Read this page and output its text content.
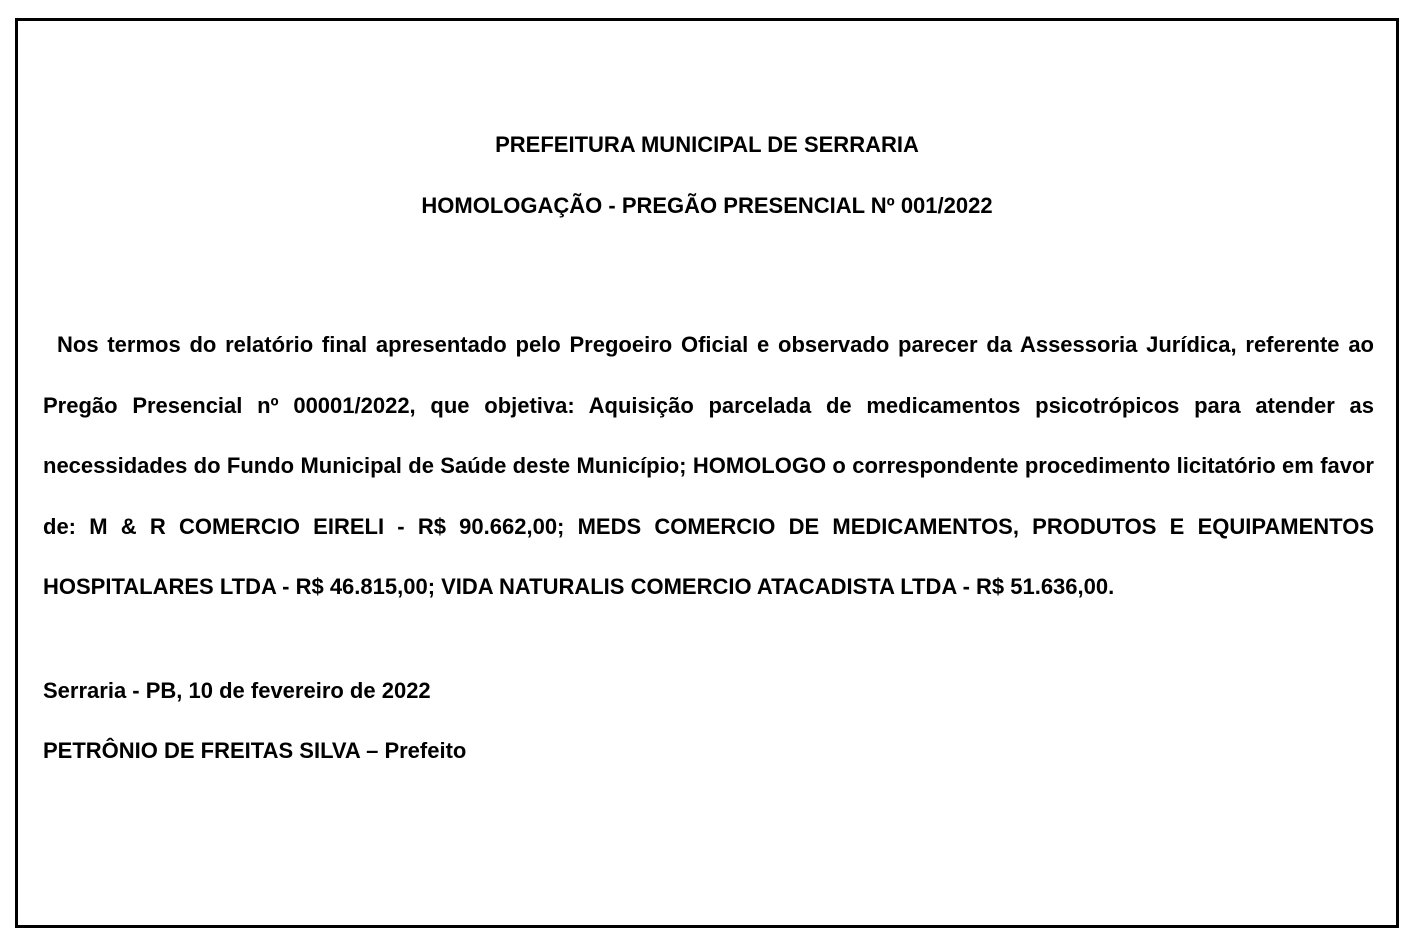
PREFEITURA MUNICIPAL DE SERRARIA
HOMOLOGAÇÃO - PREGÃO PRESENCIAL Nº 001/2022

Nos termos do relatório final apresentado pelo Pregoeiro Oficial e observado parecer da Assessoria Jurídica, referente ao Pregão Presencial nº 00001/2022, que objetiva: Aquisição parcelada de medicamentos psicotrópicos para atender as necessidades do Fundo Municipal de Saúde deste Município; HOMOLOGO o correspondente procedimento licitatório em favor de: M & R COMERCIO EIRELI - R$ 90.662,00; MEDS COMERCIO DE MEDICAMENTOS, PRODUTOS E EQUIPAMENTOS HOSPITALARES LTDA - R$ 46.815,00; VIDA NATURALIS COMERCIO ATACADISTA LTDA - R$ 51.636,00.

Serraria - PB, 10 de fevereiro de 2022
PETRÔNIO DE FREITAS SILVA – Prefeito
